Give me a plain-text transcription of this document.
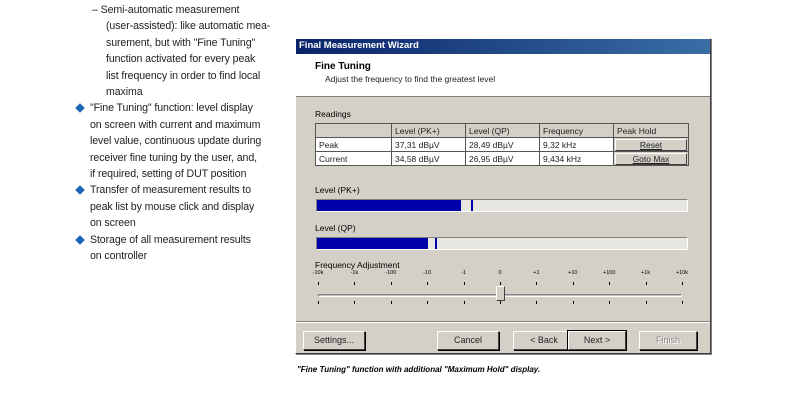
– Semi-automatic measurement
(user-assisted): like automatic mea-
surement, but with "Fine Tuning"
function activated for every peak
list frequency in order to find local
maxima
"Fine Tuning" function: level display
on screen with current and maximum
level value, continuous update during
receiver fine tuning by the user, and,
if required, setting of DUT position
Transfer of measurement results to
peak list by mouse click and display
on screen
Storage of all measurement results
on controller
Final Measurement Wizard
Fine Tuning
Adjust the frequency to find the greatest level
Readings
	Level (PK+)	Level (QP)	Frequency	Peak Hold
Peak	37,31 dBµV	28,49 dBµV	9,32 kHz	Reset

Current	34,58 dBµV	26,95 dBµV	9,434 kHz	Goto Max
Level (PK+)
Level (QP)
Frequency Adjustment
-10k	-1k	-100	-10	-1	0	+1	+10	+100	+1k	+10k
Settings...	Cancel	< Back	Next >	Finish
"Fine Tuning" function with additional "Maximum Hold" display.
